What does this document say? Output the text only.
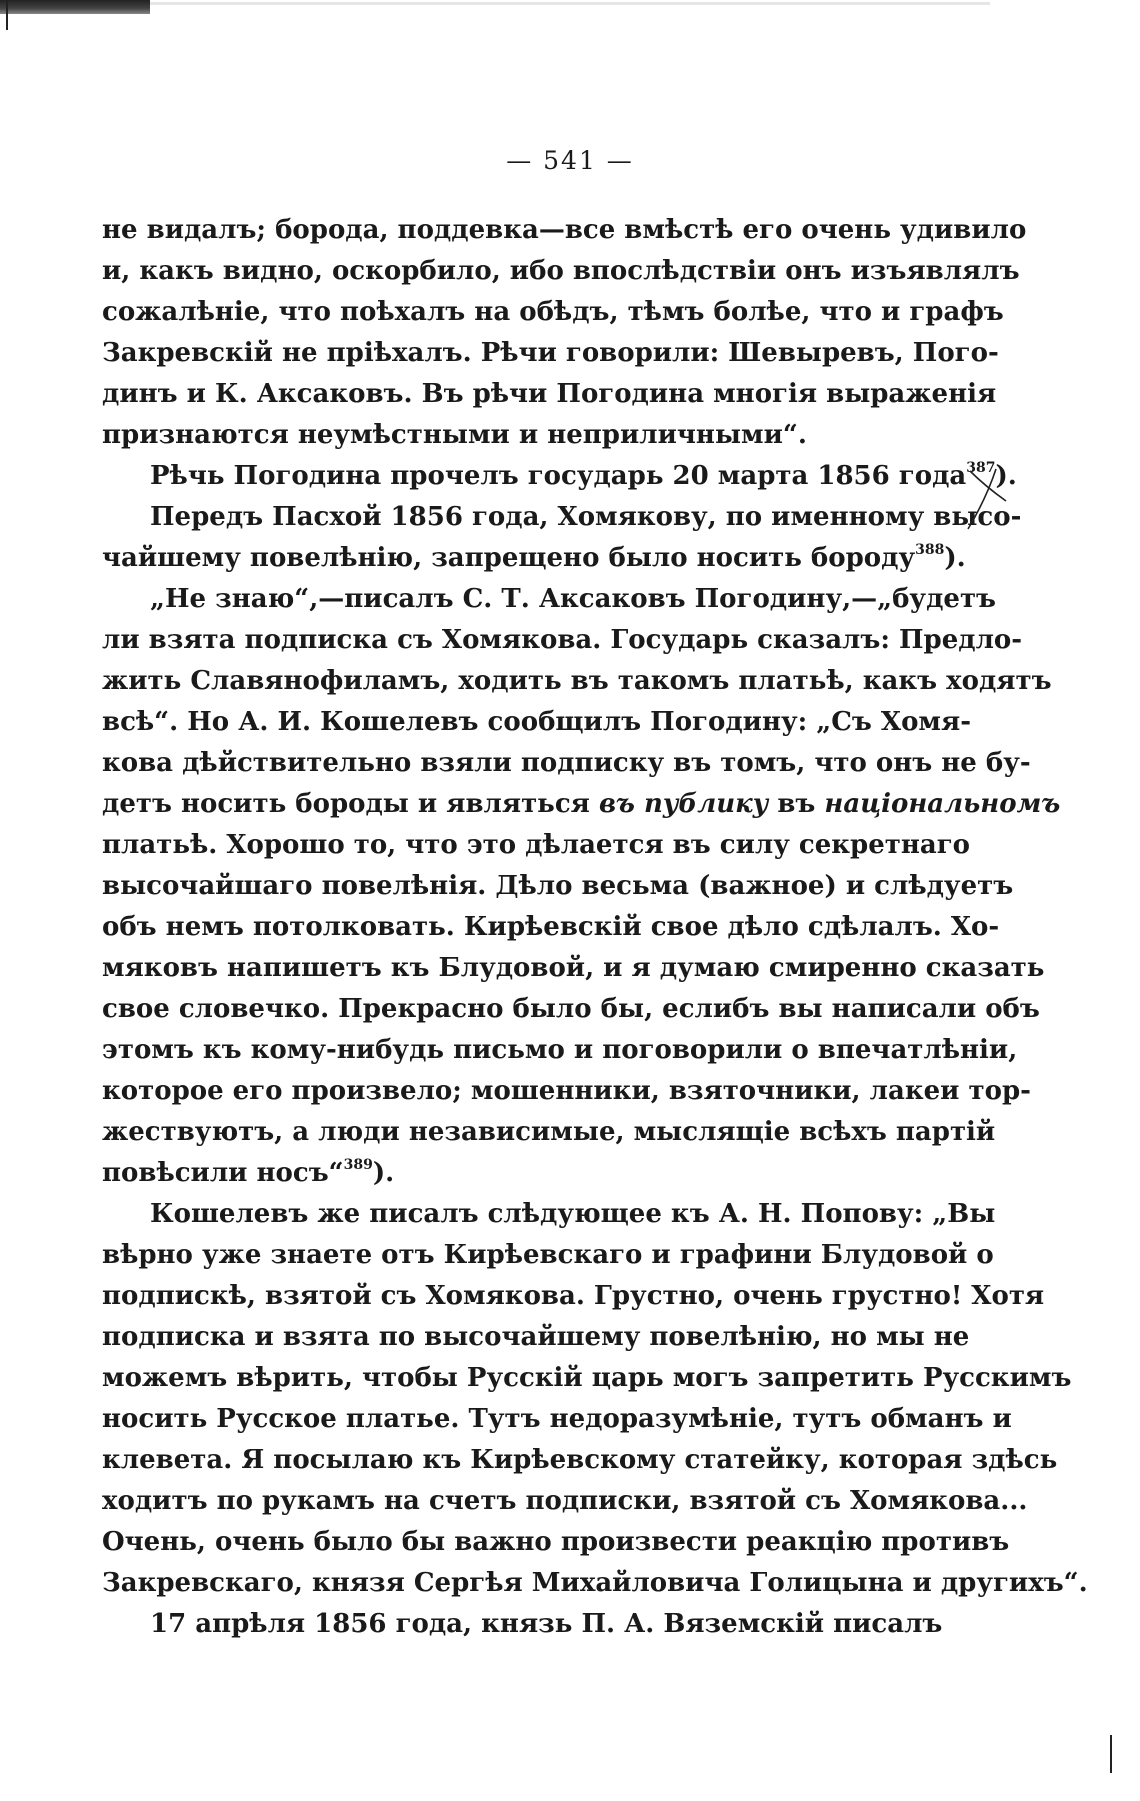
— 541 —
не видалъ; борода, поддевка—все вмѣстѣ его очень удивило
и, какъ видно, оскорбило, ибо впослѣдствіи онъ изъявлялъ
сожалѣніе, что поѣхалъ на обѣдъ, тѣмъ болѣе, что и графъ
Закревскій не пріѣхалъ. Рѣчи говорили: Шевыревъ, Пого-
динъ и К. Аксаковъ. Въ рѣчи Погодина многія выраженія
признаются неумѣстными и неприличными“.
Рѣчь Погодина прочелъ государь 20 марта 1856 года$^{387}$).
Передъ Пасхой 1856 года, Хомякову, по именному высо-
чайшему повелѣнію, запрещено было носить бороду$^{388}$).
„Не знаю“,—писалъ С. Т. Аксаковъ Погодину,—„будетъ
ли взята подписка съ Хомякова. Государь сказалъ: Предло-
жить Славянофиламъ, ходить въ такомъ платьѣ, какъ ходятъ
всѣ“. Но А. И. Кошелевъ сообщилъ Погодину: „Съ Хомя-
кова дѣйствительно взяли подписку въ томъ, что онъ не бу-
детъ носить бороды и являться въ публику въ національномъ
платьѣ. Хорошо то, что это дѣлается въ силу секретнаго
высочайшаго повелѣнія. Дѣло весьма (важное) и слѣдуетъ
объ немъ потолковать. Кирѣевскій свое дѣло сдѣлалъ. Хо-
мяковъ напишетъ къ Блудовой, и я думаю смиренно сказать
свое словечко. Прекрасно было бы, еслибъ вы написали объ
этомъ къ кому-нибудь письмо и поговорили о впечатлѣніи,
которое его произвело; мошенники, взяточники, лакеи тор-
жествуютъ, а люди независимые, мыслящіе всѣхъ партій
повѣсили носъ“$^{389}$).
Кошелевъ же писалъ слѣдующее къ А. Н. Попову: „Вы
вѣрно уже знаете отъ Кирѣевскаго и графини Блудовой о
подпискѣ, взятой съ Хомякова. Грустно, очень грустно! Хотя
подписка и взята по высочайшему повелѣнію, но мы не
можемъ вѣрить, чтобы Русскій царь могъ запретить Русскимъ
носить Русское платье. Тутъ недоразумѣніе, тутъ обманъ и
клевета. Я посылаю къ Кирѣевскому статейку, которая здѣсь
ходитъ по рукамъ на счетъ подписки, взятой съ Хомякова...
Очень, очень было бы важно произвести реакцію противъ
Закревскаго, князя Сергѣя Михайловича Голицына и другихъ“.
17 апрѣля 1856 года, князь П. А. Вяземскій писалъ
